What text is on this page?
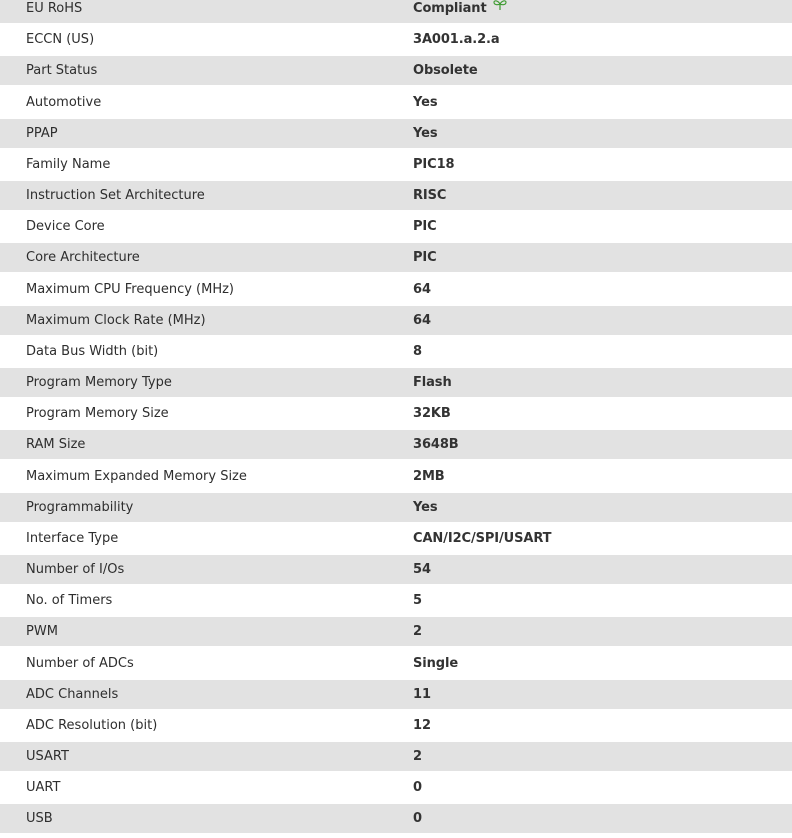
EU RoHS	Compliant
ECCN (US)	3A001.a.2.a
Part Status	Obsolete
Automotive	Yes
PPAP	Yes
Family Name	PIC18
Instruction Set Architecture	RISC
Device Core	PIC
Core Architecture	PIC
Maximum CPU Frequency (MHz)	64
Maximum Clock Rate (MHz)	64
Data Bus Width (bit)	8
Program Memory Type	Flash
Program Memory Size	32KB
RAM Size	3648B
Maximum Expanded Memory Size	2MB
Programmability	Yes
Interface Type	CAN/I2C/SPI/USART
Number of I/Os	54
No. of Timers	5
PWM	2
Number of ADCs	Single
ADC Channels	11
ADC Resolution (bit)	12
USART	2
UART	0
USB	0
